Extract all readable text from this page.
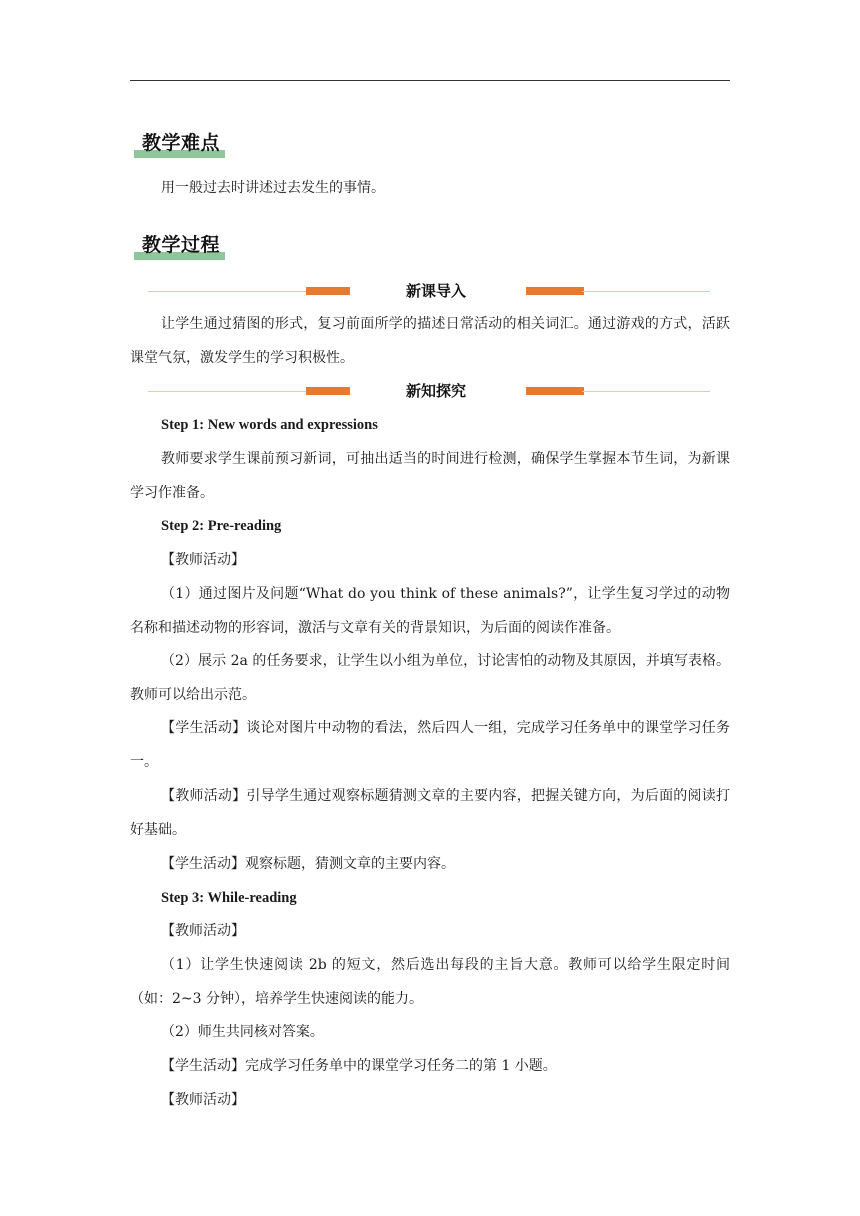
教学难点
用一般过去时讲述过去发生的事情。
教学过程
新课导入
让学生通过猜图的形式，复习前面所学的描述日常活动的相关词汇。通过游戏的方式，活跃课堂气氛，激发学生的学习积极性。
新知探究
Step 1: New words and expressions
教师要求学生课前预习新词，可抽出适当的时间进行检测，确保学生掌握本节生词，为新课学习作准备。
Step 2: Pre-reading
【教师活动】
（1）通过图片及问题“What do you think of these animals?”，让学生复习学过的动物名称和描述动物的形容词，激活与文章有关的背景知识，为后面的阅读作准备。
（2）展示 2a 的任务要求，让学生以小组为单位，讨论害怕的动物及其原因，并填写表格。教师可以给出示范。
【学生活动】谈论对图片中动物的看法，然后四人一组，完成学习任务单中的课堂学习任务一。
【教师活动】引导学生通过观察标题猜测文章的主要内容，把握关键方向，为后面的阅读打好基础。
【学生活动】观察标题，猜测文章的主要内容。
Step 3: While-reading
【教师活动】
（1）让学生快速阅读 2b 的短文，然后选出每段的主旨大意。教师可以给学生限定时间（如：2~3 分钟），培养学生快速阅读的能力。
（2）师生共同核对答案。
【学生活动】完成学习任务单中的课堂学习任务二的第 1 小题。
【教师活动】
